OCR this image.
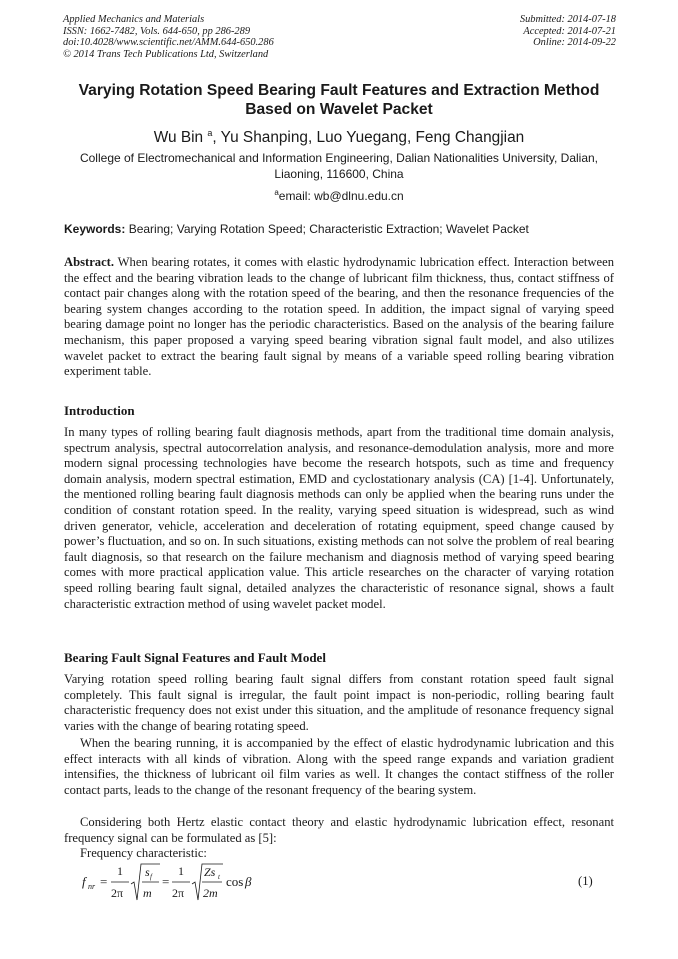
Applied Mechanics and Materials
ISSN: 1662-7482, Vols. 644-650, pp 286-289
doi:10.4028/www.scientific.net/AMM.644-650.286
© 2014 Trans Tech Publications Ltd, Switzerland
Submitted: 2014-07-18
Accepted: 2014-07-21
Online: 2014-09-22
Varying Rotation Speed Bearing Fault Features and Extraction Method
Based on Wavelet Packet
Wu Bin $^a$, Yu Shanping, Luo Yuegang, Feng Changjian
College of Electromechanical and Information Engineering, Dalian Nationalities University, Dalian, Liaoning, 116600, China
$^a$email: wb@dlnu.edu.cn
Keywords: Bearing; Varying Rotation Speed; Characteristic Extraction; Wavelet Packet
Abstract. When bearing rotates, it comes with elastic hydrodynamic lubrication effect. Interaction between the effect and the bearing vibration leads to the change of lubricant film thickness, thus, contact stiffness of contact pair changes along with the rotation speed of the bearing, and then the resonance frequencies of the bearing system changes according to the rotation speed. In addition, the impact signal of varying speed bearing damage point no longer has the periodic characteristics. Based on the analysis of the bearing failure mechanism, this paper proposed a varying speed bearing vibration signal fault model, and also utilizes wavelet packet to extract the bearing fault signal by means of a variable speed rolling bearing vibration experiment table.
Introduction
In many types of rolling bearing fault diagnosis methods, apart from the traditional time domain analysis, spectrum analysis, spectral autocorrelation analysis, and resonance-demodulation analysis, more and more modern signal processing technologies have become the research hotspots, such as time and frequency domain analysis, modern spectral estimation, EMD and cyclostationary analysis (CA) [1-4]. Unfortunately, the mentioned rolling bearing fault diagnosis methods can only be applied when the bearing runs under the condition of constant rotation speed. In the reality, varying speed situation is widespread, such as wind driven generator, vehicle, acceleration and deceleration of rotating equipment, speed change caused by power’s fluctuation, and so on. In such situations, existing methods can not solve the problem of real bearing fault diagnosis, so that research on the failure mechanism and diagnosis method of varying speed bearing comes with more practical application value. This article researches on the character of varying rotation speed rolling bearing fault signal, detailed analyzes the characteristic of resonance signal, shows a fault characteristic extraction method of using wavelet packet model.
Bearing Fault Signal Features and Fault Model
Varying rotation speed rolling bearing fault signal differs from constant rotation speed fault signal completely. This fault signal is irregular, the fault point impact is non-periodic, rolling bearing fault characteristic frequency does not exist under this situation, and the amplitude of resonance frequency signal varies with the change of bearing rotating speed.
When the bearing running, it is accompanied by the effect of elastic hydrodynamic lubrication and this effect interacts with all kinds of vibration. Along with the speed range expands and variation gradient intensifies, the thickness of lubricant oil film varies as well. It changes the contact stiffness of the roller contact parts, leads to the change of the resonant frequency of the bearing system.
Considering both Hertz elastic contact theory and elastic hydrodynamic lubrication effect, resonant frequency signal can be formulated as [5]:
Frequency characteristic:
f nr =
1
2π
s f
m
=
1
2π
Zs t
2m
cos β	(1)
